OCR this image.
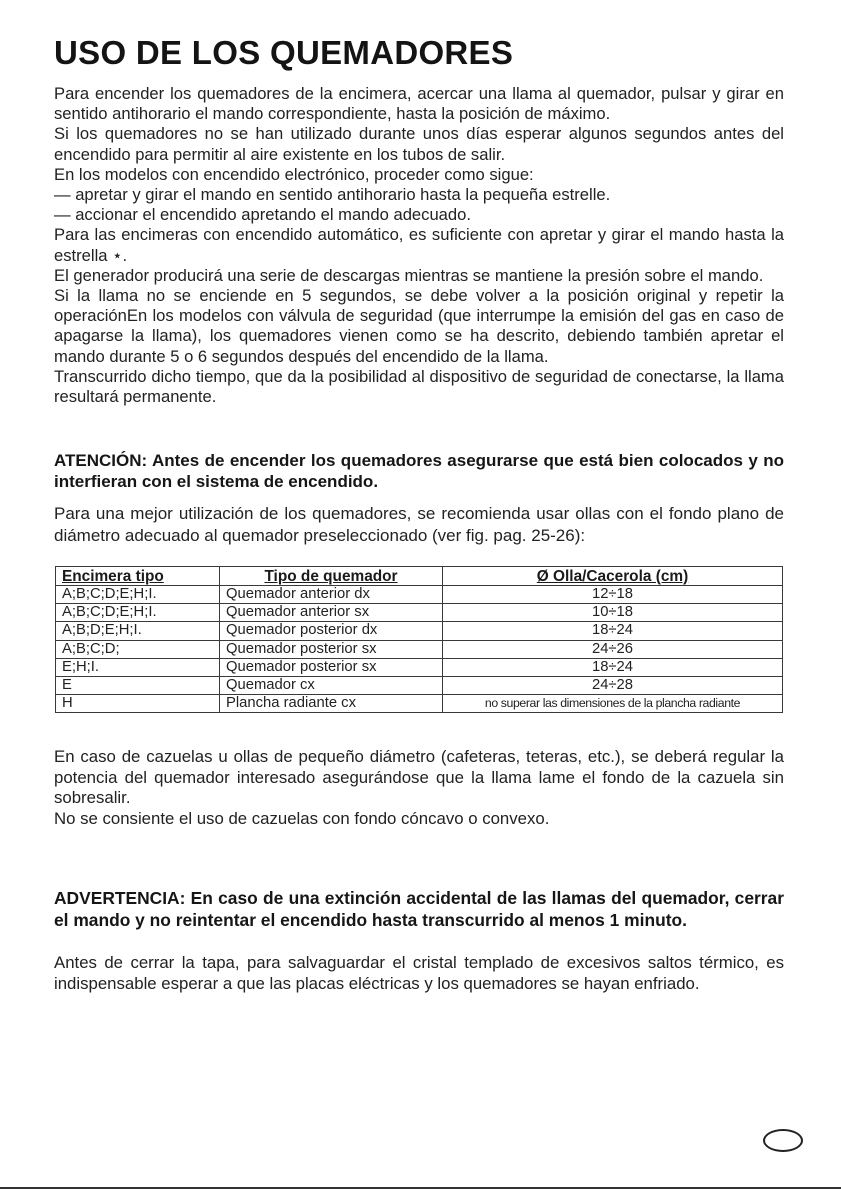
USO DE LOS QUEMADORES

Para encender los quemadores de la encimera, acercar una llama al quemador, pulsar y girar en sentido antihorario el mando correspondiente, hasta la posición de máximo.

Si los quemadores no se han utilizado durante unos días esperar algunos segundos antes del encendido para permitir al aire existente en los tubos de salir.

En los modelos con encendido electrónico, proceder como sigue:

— apretar y girar el mando en sentido antihorario hasta la pequeña estrelle.

— accionar el encendido apretando el mando adecuado.

Para las encimeras con encendido automático, es suficiente con apretar y girar el mando hasta la estrella ⋆.

El generador producirá una serie de descargas mientras se mantiene la presión sobre el mando.

Si la llama no se enciende en 5 segundos, se debe volver a la posición original y repetir la operaciónEn los modelos con válvula de seguridad (que interrumpe la emisión del gas en caso de apagarse la llama), los quemadores vienen como se ha descrito, debiendo también apretar el mando durante 5 o 6 segundos después del encendido de la llama.

Transcurrido dicho tiempo, que da la posibilidad al dispositivo de seguridad de conectarse, la llama resultará permanente.

ATENCIÓN: Antes de encender los quemadores asegurarse que está bien colocados y no interfieran con el sistema de encendido.

Para una mejor utilización de los quemadores, se recomienda usar ollas con el fondo plano de diámetro adecuado al quemador preseleccionado (ver fig. pag. 25-26):

Encimera tipo	Tipo de quemador	Ø Olla/Cacerola (cm)
A;B;C;D;E;H;I.	Quemador anterior dx	12÷18
A;B;C;D;E;H;I.	Quemador anterior sx	10÷18
A;B;D;E;H;I.	Quemador posterior dx	18÷24
A;B;C;D;	Quemador posterior sx	24÷26
E;H;I.	Quemador posterior sx	18÷24
E	Quemador cx	24÷28
H	Plancha radiante cx	no superar las dimensiones de la plancha radiante

En caso de cazuelas u ollas de pequeño diámetro (cafeteras, teteras, etc.), se deberá regular la potencia del quemador interesado asegurándose que la llama lame el fondo de la cazuela sin sobresalir.

No se consiente el uso de cazuelas con fondo cóncavo o convexo.

ADVERTENCIA: En caso de una extinción accidental de las llamas del quemador, cerrar el mando y no reintentar el encendido hasta transcurrido al menos 1 minuto.

Antes de cerrar la tapa, para salvaguardar el cristal templado de excesivos saltos térmico, es indispensable esperar a que las placas eléctricas y los quemadores se hayan enfriado.
